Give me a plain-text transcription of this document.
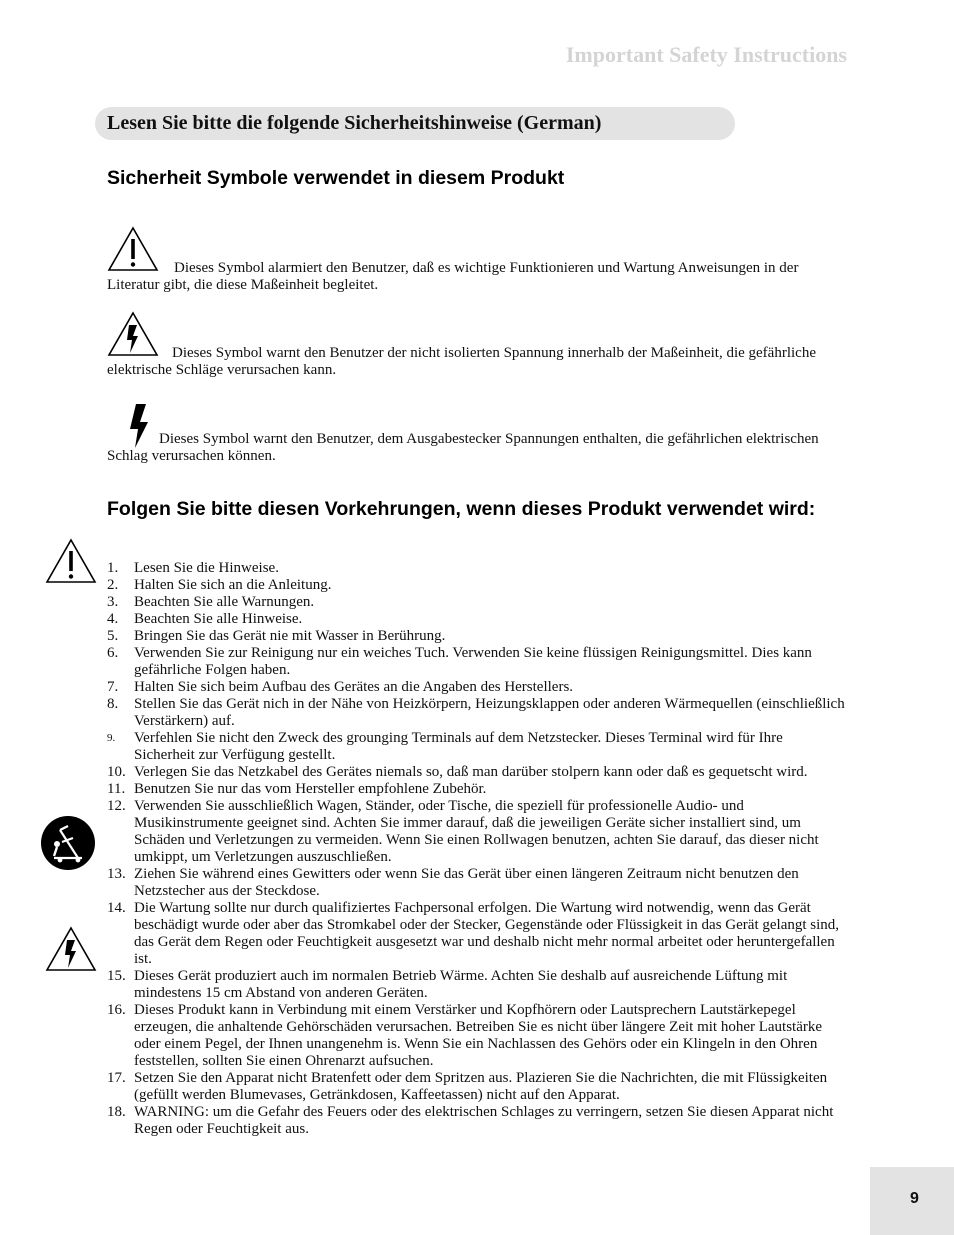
Important Safety Instructions
Lesen Sie bitte die folgende Sicherheitshinweise (German)
Sicherheit Symbole verwendet in diesem Produkt
Dieses Symbol alarmiert den Benutzer, daß es wichtige Funktionieren und Wartung Anweisungen in der Literatur gibt, die diese Maßeinheit begleitet.
Dieses Symbol warnt den Benutzer der nicht isolierten Spannung innerhalb der Maßeinheit, die gefährliche elektrische Schläge verursachen kann.
Dieses Symbol warnt den Benutzer, dem Ausgabestecker Spannungen enthalten, die gefährlichen elektrischen Schlag verursachen können.
Folgen Sie bitte diesen Vorkehrungen, wenn dieses Produkt verwendet wird:
1. Lesen Sie die Hinweise.
2. Halten Sie sich an die Anleitung.
3. Beachten Sie alle Warnungen.
4. Beachten Sie alle Hinweise.
5. Bringen Sie das Gerät nie mit Wasser in Berührung.
6. Verwenden Sie zur Reinigung nur ein weiches Tuch. Verwenden Sie keine flüssigen Reinigungsmittel. Dies kann gefährliche Folgen haben.
7. Halten Sie sich beim Aufbau des Gerätes an die Angaben des Herstellers.
8. Stellen Sie das Gerät nich in der Nähe von Heizkörpern, Heizungsklappen oder anderen Wärmequellen (einschließlich Verstärkern) auf.
9. Verfehlen Sie nicht den Zweck des grounging Terminals auf dem Netzstecker. Dieses Terminal wird für Ihre Sicherheit zur Verfügung gestellt.
10. Verlegen Sie das Netzkabel des Gerätes niemals so, daß man darüber stolpern kann oder daß es gequetscht wird.
11. Benutzen Sie nur das vom Hersteller empfohlene Zubehör.
12. Verwenden Sie ausschließlich Wagen, Ständer, oder Tische, die speziell für professionelle Audio- und Musikinstrumente geeignet sind. Achten Sie immer darauf, daß die jeweiligen Geräte sicher installiert sind, um Schäden und Verletzungen zu vermeiden. Wenn Sie einen Rollwagen benutzen, achten Sie darauf, das dieser nicht umkippt, um Verletzungen auszuschließen.
13. Ziehen Sie während eines Gewitters oder wenn Sie das Gerät über einen längeren Zeitraum nicht benutzen den Netzstecher aus der Steckdose.
14. Die Wartung sollte nur durch qualifiziertes Fachpersonal erfolgen. Die Wartung wird notwendig, wenn das Gerät beschädigt wurde oder aber das Stromkabel oder der Stecker, Gegenstände oder Flüssigkeit in das Gerät gelangt sind, das Gerät dem Regen oder Feuchtigkeit ausgesetzt war und deshalb nicht mehr normal arbeitet oder heruntergefallen ist.
15. Dieses Gerät produziert auch im normalen Betrieb Wärme. Achten Sie deshalb auf ausreichende Lüftung mit mindestens 15 cm Abstand von anderen Geräten.
16. Dieses Produkt kann in Verbindung mit einem Verstärker und Kopfhörern oder Lautsprechern Lautstärkepegel erzeugen, die anhaltende Gehörschäden verursachen. Betreiben Sie es nicht über längere Zeit mit hoher Lautstärke oder einem Pegel, der Ihnen unangenehm is. Wenn Sie ein Nachlassen des Gehörs oder ein Klingeln in den Ohren feststellen, sollten Sie einen Ohrenarzt aufsuchen.
17. Setzen Sie den Apparat nicht Bratenfett oder dem Spritzen aus. Plazieren Sie die Nachrichten, die mit Flüssigkeiten (gefüllt werden Blumevases, Getränkdosen, Kaffeetassen) nicht auf den Apparat.
18. WARNING: um die Gefahr des Feuers oder des elektrischen Schlages zu verringern, setzen Sie diesen Apparat nicht Regen oder Feuchtigkeit aus.
9
